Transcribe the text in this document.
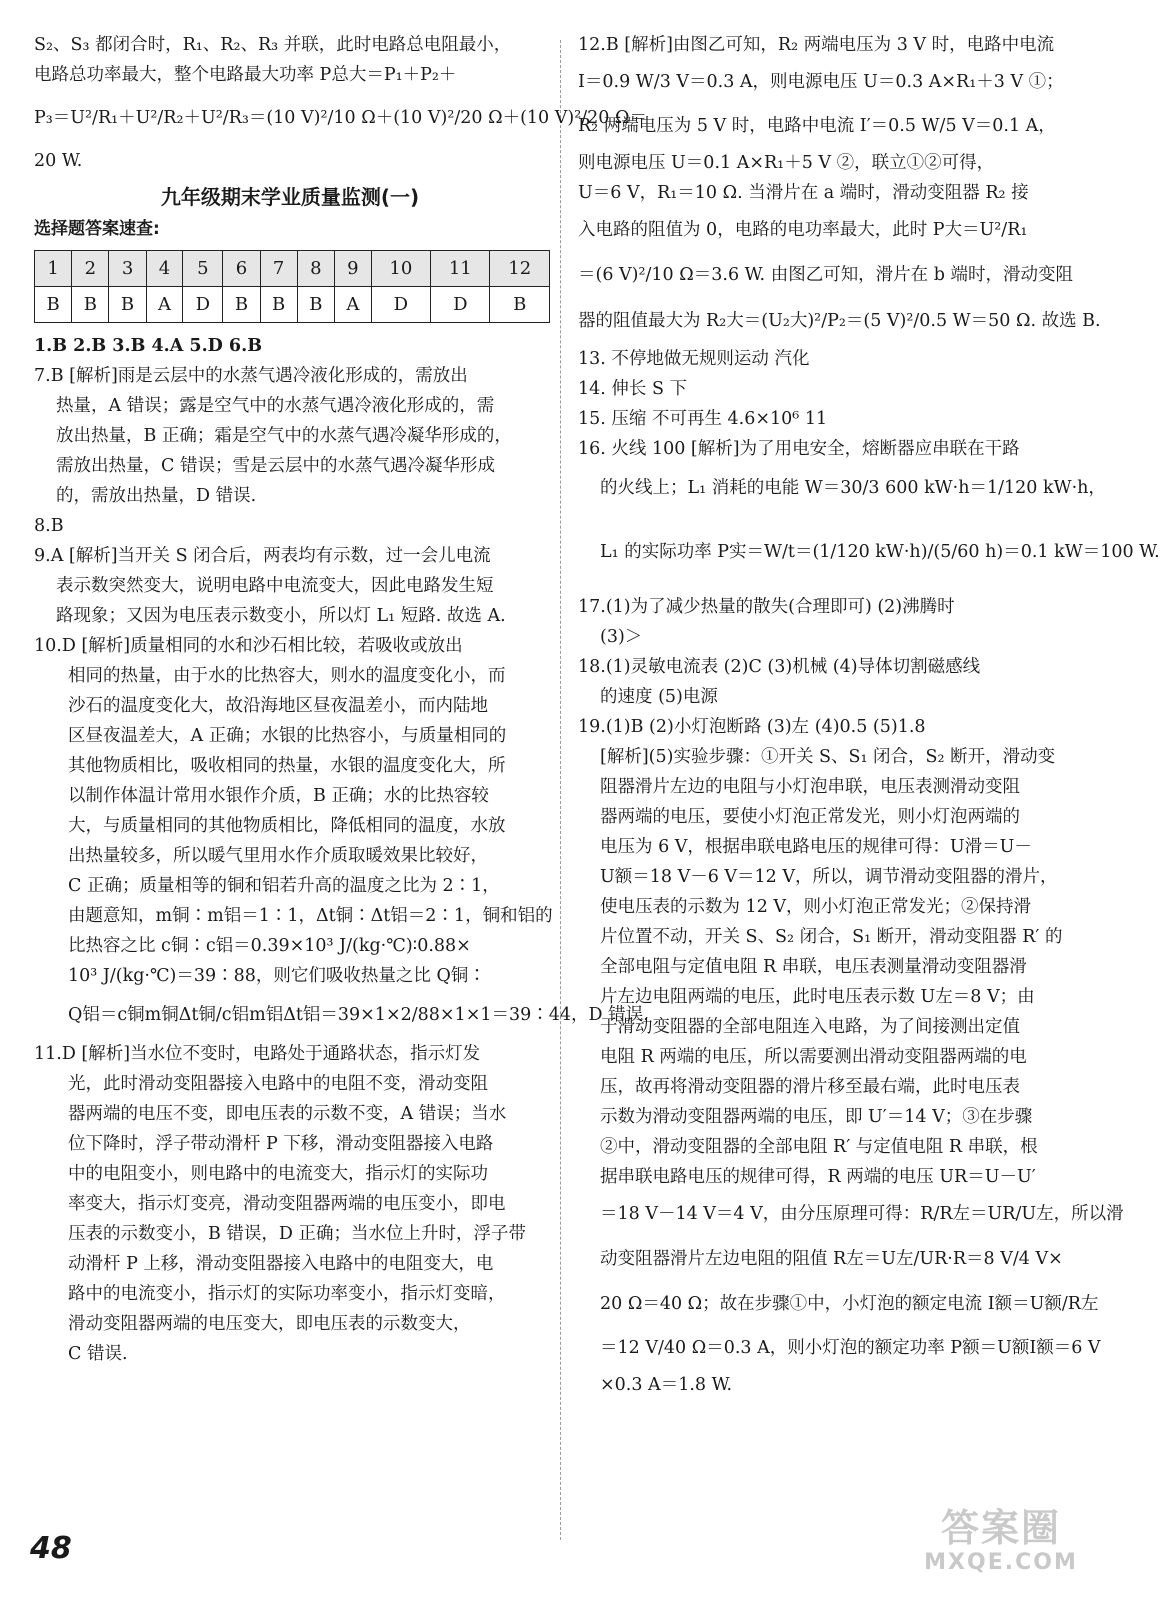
S₂、S₃ 都闭合时，R₁、R₂、R₃ 并联，此时电路总电阻最小，
电路总功率最大，整个电路最大功率 P总大＝P₁＋P₂＋
P₃＝U²/R₁＋U²/R₂＋U²/R₃＝(10 V)²/10 Ω＋(10 V)²/20 Ω＋(10 V)²/20 Ω＝
20 W.
九年级期末学业质量监测(一)
选择题答案速查:
1	2	3	4	5	6	7	8	9	10	11	12
B	B	B	A	D	B	B	B	A	D	D	B
1.B 2.B 3.B 4.A 5.D 6.B
7.B [解析]雨是云层中的水蒸气遇冷液化形成的，需放出
热量，A 错误；露是空气中的水蒸气遇冷液化形成的，需
放出热量，B 正确；霜是空气中的水蒸气遇冷凝华形成的，
需放出热量，C 错误；雪是云层中的水蒸气遇冷凝华形成
的，需放出热量，D 错误.
8.B
9.A [解析]当开关 S 闭合后，两表均有示数，过一会儿电流
表示数突然变大，说明电路中电流变大，因此电路发生短
路现象；又因为电压表示数变小，所以灯 L₁ 短路. 故选 A.
10.D [解析]质量相同的水和沙石相比较，若吸收或放出
相同的热量，由于水的比热容大，则水的温度变化小，而
沙石的温度变化大，故沿海地区昼夜温差小，而内陆地
区昼夜温差大，A 正确；水银的比热容小，与质量相同的
其他物质相比，吸收相同的热量，水银的温度变化大，所
以制作体温计常用水银作介质，B 正确；水的比热容较
大，与质量相同的其他物质相比，降低相同的温度，水放
出热量较多，所以暖气里用水作介质取暖效果比较好，
C 正确；质量相等的铜和铝若升高的温度之比为 2∶1，
由题意知，m铜∶m铝＝1∶1，Δt铜∶Δt铝＝2∶1，铜和铝的
比热容之比 c铜∶c铝＝0.39×10³ J/(kg·℃)∶0.88×
10³ J/(kg·℃)＝39∶88，则它们吸收热量之比 Q铜∶
Q铝＝c铜m铜Δt铜/c铝m铝Δt铝＝39×1×2/88×1×1＝39∶44，D 错误.
11.D [解析]当水位不变时，电路处于通路状态，指示灯发
光，此时滑动变阻器接入电路中的电阻不变，滑动变阻
器两端的电压不变，即电压表的示数不变，A 错误；当水
位下降时，浮子带动滑杆 P 下移，滑动变阻器接入电路
中的电阻变小，则电路中的电流变大，指示灯的实际功
率变大，指示灯变亮，滑动变阻器两端的电压变小，即电
压表的示数变小，B 错误，D 正确；当水位上升时，浮子带
动滑杆 P 上移，滑动变阻器接入电路中的电阻变大，电
路中的电流变小，指示灯的实际功率变小，指示灯变暗，
滑动变阻器两端的电压变大，即电压表的示数变大，
C 错误.
12.B [解析]由图乙可知，R₂ 两端电压为 3 V 时，电路中电流
I＝0.9 W/3 V＝0.3 A，则电源电压 U＝0.3 A×R₁＋3 V ①；
R₂ 两端电压为 5 V 时，电路中电流 I′＝0.5 W/5 V＝0.1 A，
则电源电压 U＝0.1 A×R₁＋5 V ②，联立①②可得，
U＝6 V，R₁＝10 Ω. 当滑片在 a 端时，滑动变阻器 R₂ 接
入电路的阻值为 0，电路的电功率最大，此时 P大＝U²/R₁
＝(6 V)²/10 Ω＝3.6 W. 由图乙可知，滑片在 b 端时，滑动变阻
器的阻值最大为 R₂大＝(U₂大)²/P₂＝(5 V)²/0.5 W＝50 Ω. 故选 B.
13. 不停地做无规则运动 汽化
14. 伸长 S 下
15. 压缩 不可再生 4.6×10⁶ 11
16. 火线 100 [解析]为了用电安全，熔断器应串联在干路
的火线上；L₁ 消耗的电能 W＝30/3 600 kW·h＝1/120 kW·h，
L₁ 的实际功率 P实＝W/t＝(1/120 kW·h)/(5/60 h)＝0.1 kW＝100 W.
17.(1)为了减少热量的散失(合理即可) (2)沸腾时
(3)＞
18.(1)灵敏电流表 (2)C (3)机械 (4)导体切割磁感线
的速度 (5)电源
19.(1)B (2)小灯泡断路 (3)左 (4)0.5 (5)1.8
[解析](5)实验步骤：①开关 S、S₁ 闭合，S₂ 断开，滑动变
阻器滑片左边的电阻与小灯泡串联，电压表测滑动变阻
器两端的电压，要使小灯泡正常发光，则小灯泡两端的
电压为 6 V，根据串联电路电压的规律可得：U滑＝U－
U额＝18 V－6 V＝12 V，所以，调节滑动变阻器的滑片，
使电压表的示数为 12 V，则小灯泡正常发光；②保持滑
片位置不动，开关 S、S₂ 闭合，S₁ 断开，滑动变阻器 R′ 的
全部电阻与定值电阻 R 串联，电压表测量滑动变阻器滑
片左边电阻两端的电压，此时电压表示数 U左＝8 V；由
于滑动变阻器的全部电阻连入电路，为了间接测出定值
电阻 R 两端的电压，所以需要测出滑动变阻器两端的电
压，故再将滑动变阻器的滑片移至最右端，此时电压表
示数为滑动变阻器两端的电压，即 U′＝14 V；③在步骤
②中，滑动变阻器的全部电阻 R′ 与定值电阻 R 串联，根
据串联电路电压的规律可得，R 两端的电压 UR＝U－U′
＝18 V－14 V＝4 V，由分压原理可得：R/R左＝UR/U左，所以滑
动变阻器滑片左边电阻的阻值 R左＝U左/UR·R＝8 V/4 V×
20 Ω＝40 Ω；故在步骤①中，小灯泡的额定电流 I额＝U额/R左
＝12 V/40 Ω＝0.3 A，则小灯泡的额定功率 P额＝U额I额＝6 V
×0.3 A＝1.8 W.
48	答案圈
MXQE.COM
